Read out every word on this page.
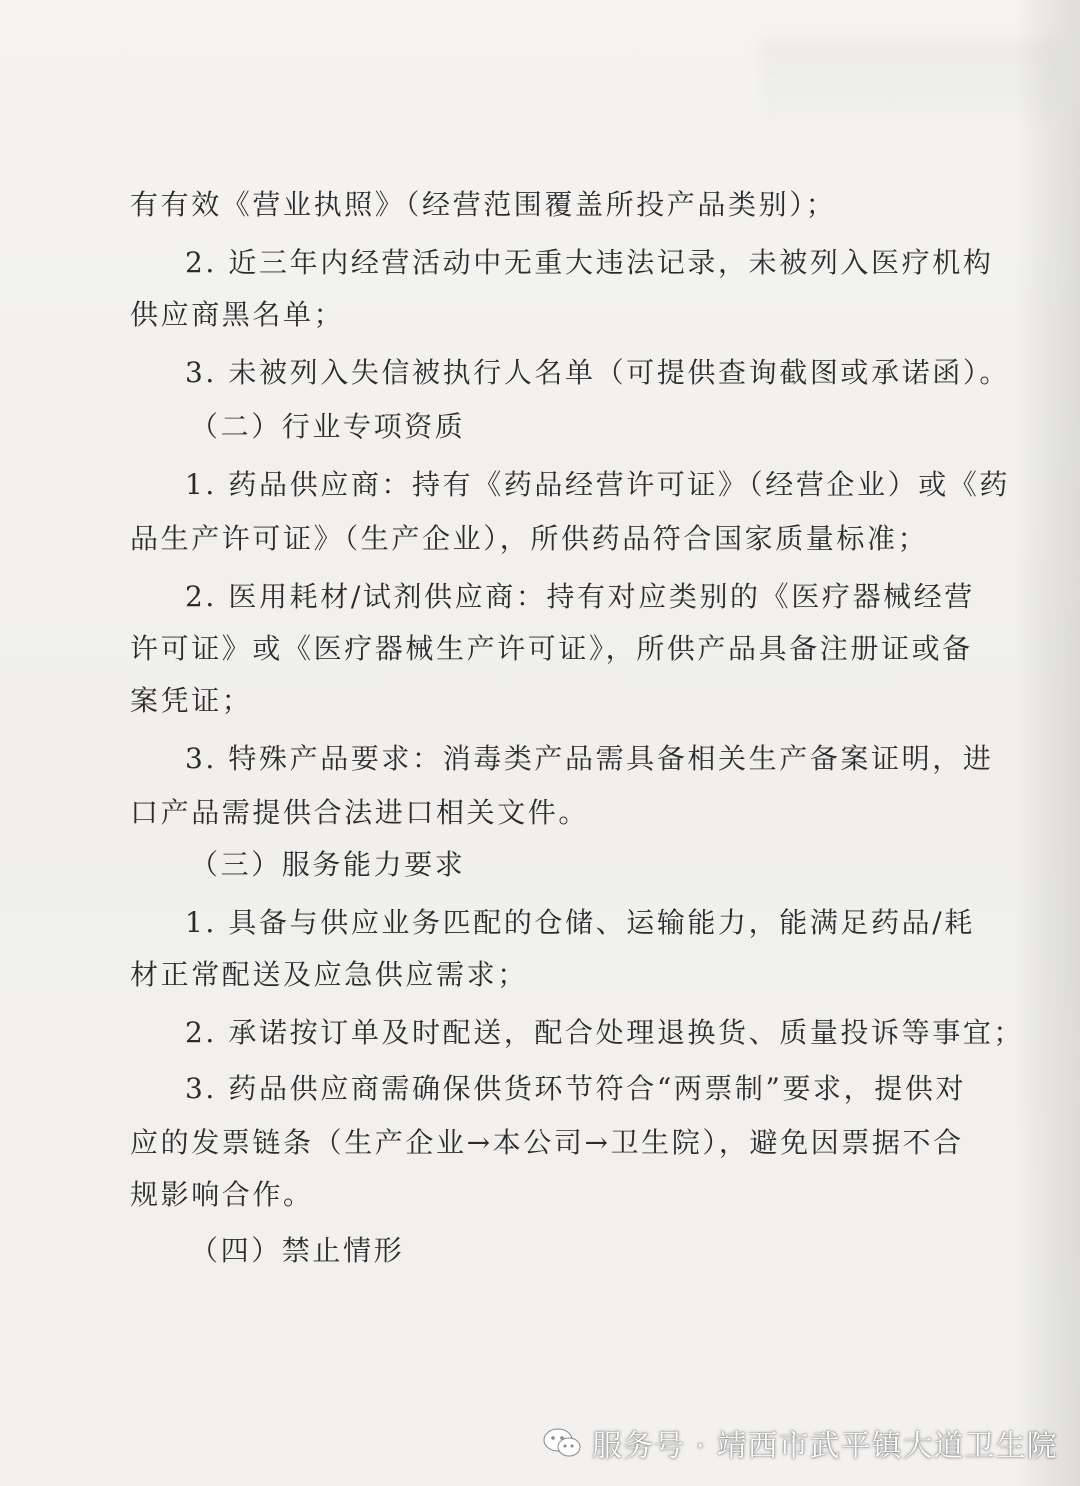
有有效《营业执照》（经营范围覆盖所投产品类别）；
2. 近三年内经营活动中无重大违法记录，未被列入医疗机构
供应商黑名单；
3. 未被列入失信被执行人名单（可提供查询截图或承诺函）。
（二）行业专项资质
1. 药品供应商：持有《药品经营许可证》（经营企业）或《药
品生产许可证》（生产企业），所供药品符合国家质量标准；
2. 医用耗材/试剂供应商：持有对应类别的《医疗器械经营
许可证》或《医疗器械生产许可证》，所供产品具备注册证或备
案凭证；
3. 特殊产品要求：消毒类产品需具备相关生产备案证明，进
口产品需提供合法进口相关文件。
（三）服务能力要求
1. 具备与供应业务匹配的仓储、运输能力，能满足药品/耗
材正常配送及应急供应需求；
2. 承诺按订单及时配送，配合处理退换货、质量投诉等事宜；
3. 药品供应商需确保供货环节符合“两票制”要求，提供对
应的发票链条（生产企业→本公司→卫生院），避免因票据不合
规影响合作。
（四）禁止情形
服务号 · 靖西市武平镇大道卫生院
